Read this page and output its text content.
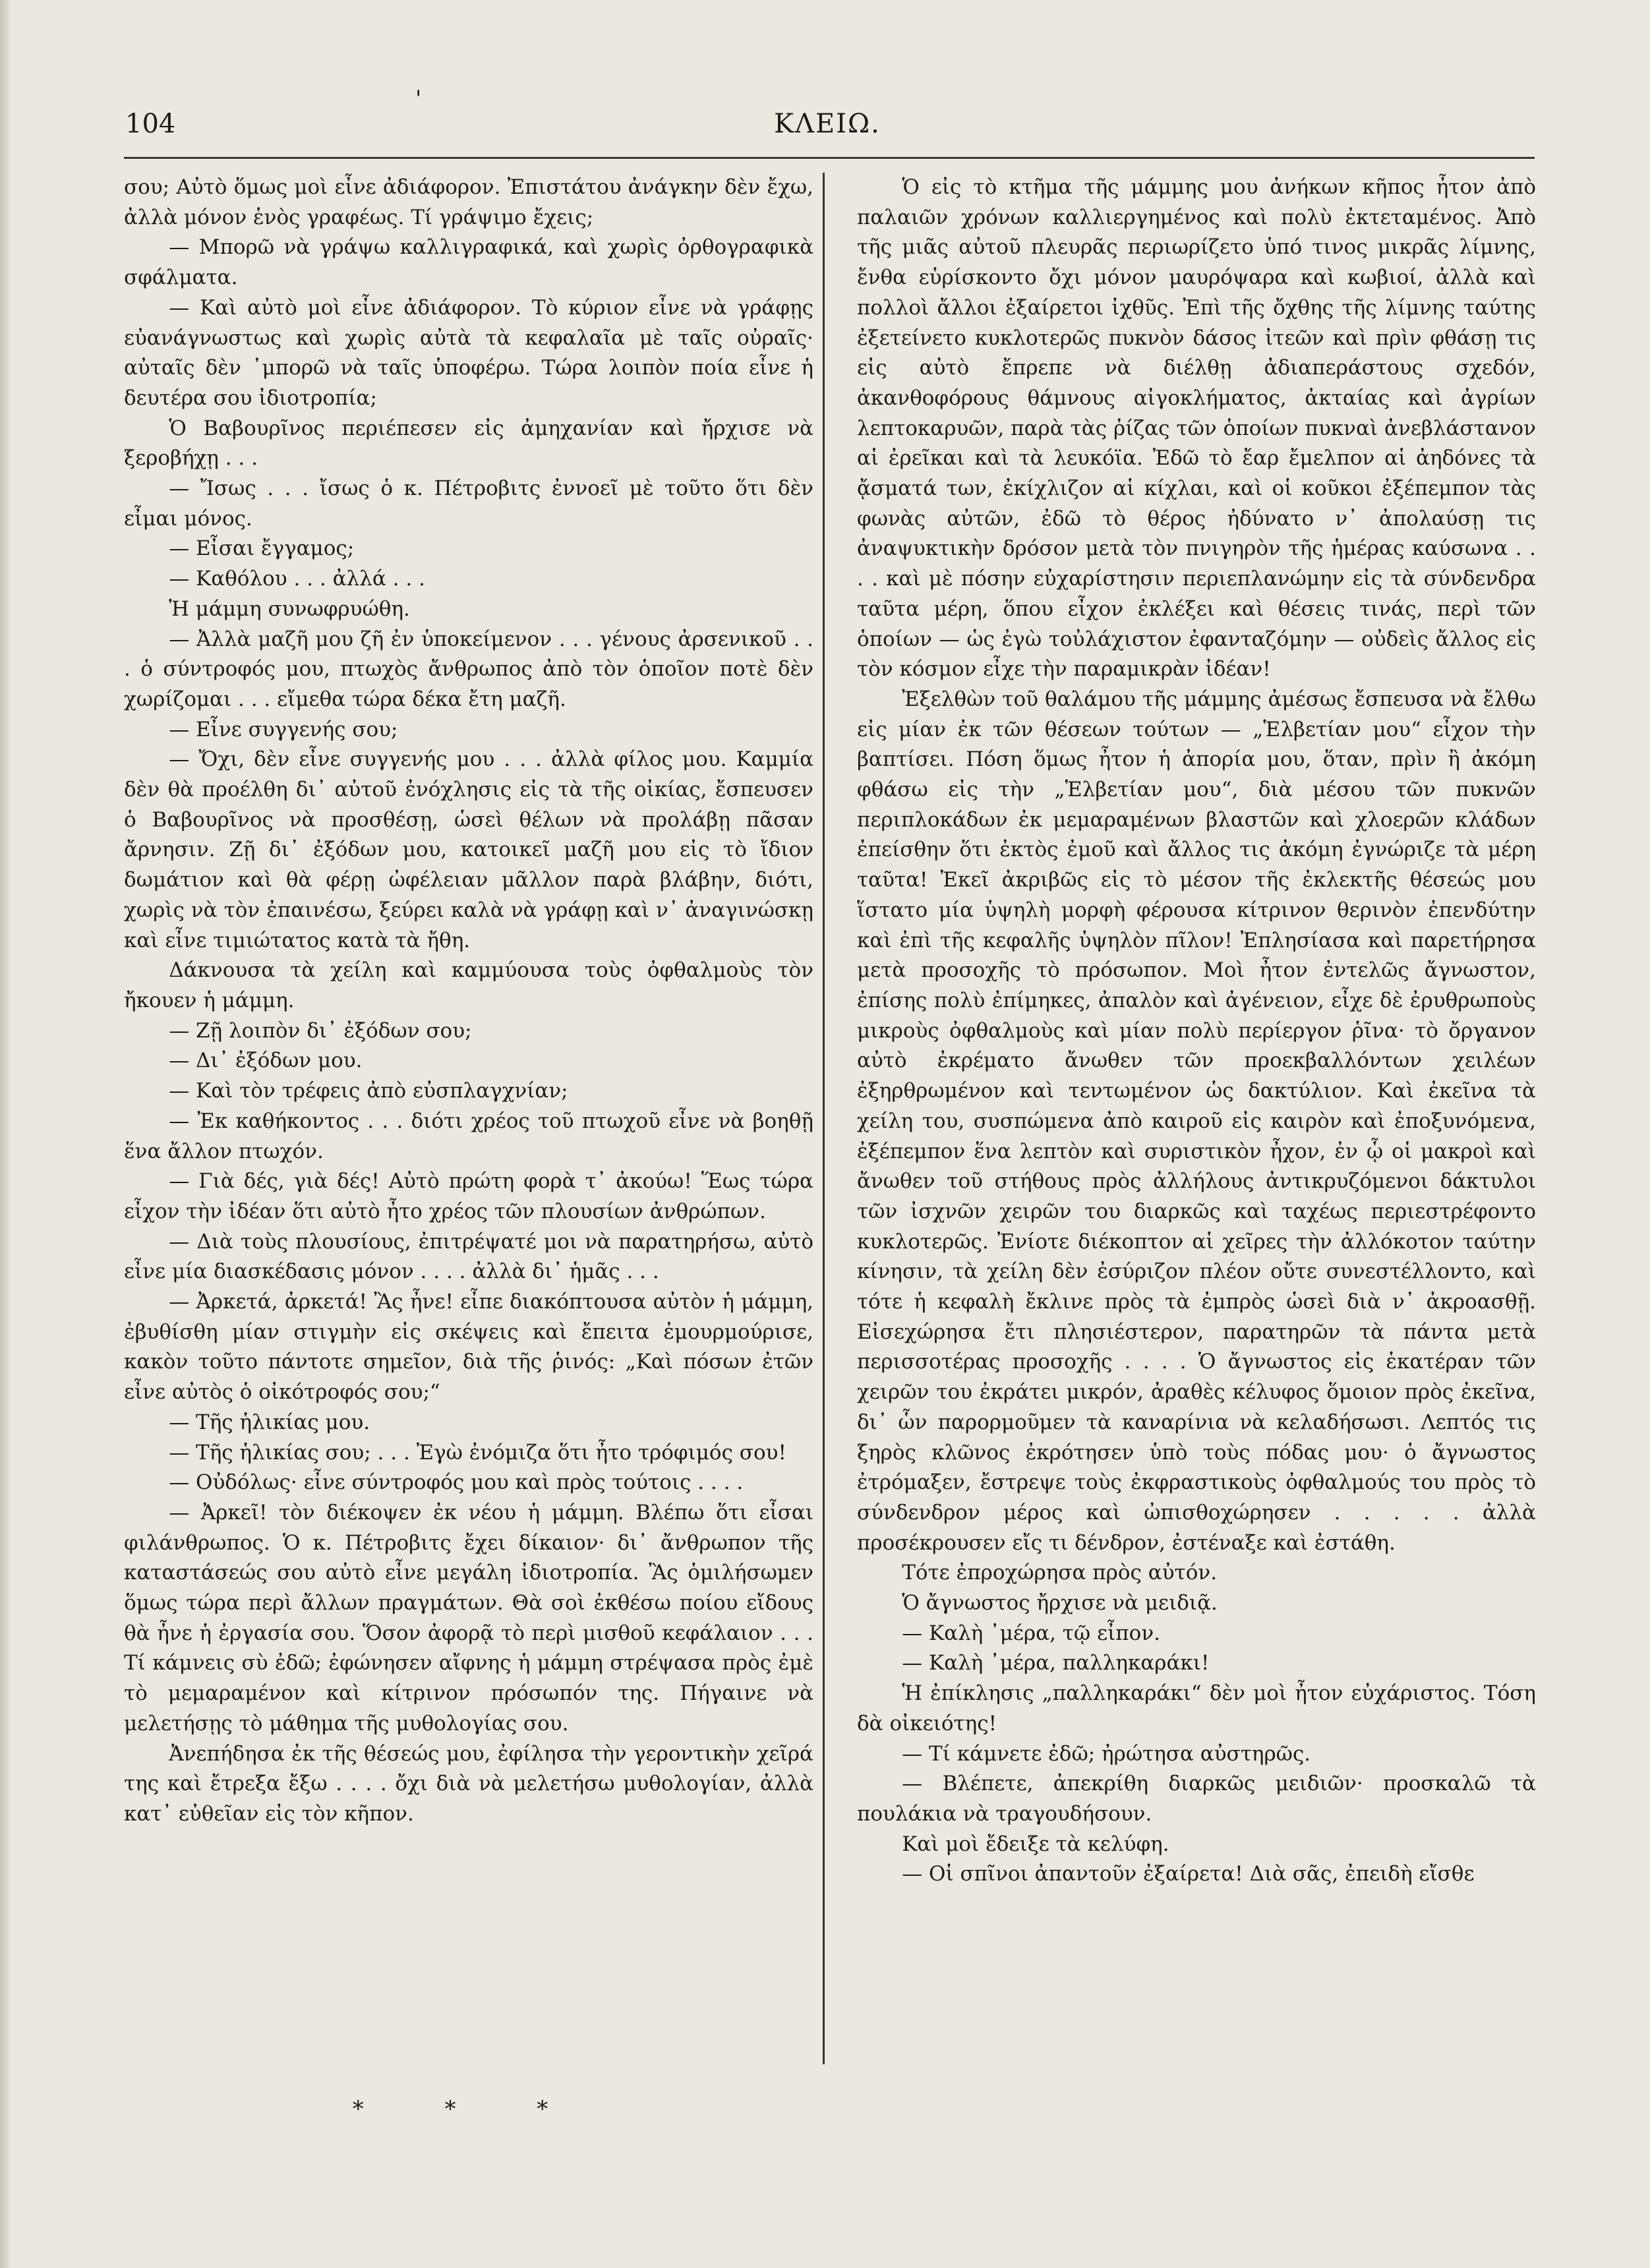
104
'
ΚΛΕΙΩ.

σου; Αὐτὸ ὅμως μοὶ εἶνε ἀδιάφορον. Ἐπιστάτου ἀνάγκην δὲν ἔχω, ἀλλὰ μόνον ἑνὸς γραφέως. Τί γράψιμο ἔχεις;

— Μπορῶ νὰ γράψω καλλιγραφικά, καὶ χωρὶς ὀρθογραφικὰ σφάλματα.

— Καὶ αὐτὸ μοὶ εἶνε ἀδιάφορον. Τὸ κύριον εἶνε νὰ γράφῃς εὐανάγνωστως καὶ χωρὶς αὐτὰ τὰ κεφαλαῖα μὲ ταῖς οὐραῖς· αὐταῖς δὲν ᾽μπορῶ νὰ ταῖς ὑποφέρω. Τώρα λοιπὸν ποία εἶνε ἡ δευτέρα σου ἰδιοτροπία;

Ὁ Βαβουρῖνος περιέπεσεν εἰς ἀμηχανίαν καὶ ἤρχισε νὰ ξεροβήχῃ . . .

— Ἴσως . . . ἴσως ὁ κ. Πέτροβιτς ἐννοεῖ μὲ τοῦτο ὅτι δὲν εἶμαι μόνος.

— Εἶσαι ἔγγαμος;

— Καθόλου . . . ἀλλά . . .

Ἡ μάμμη συνωφρυώθη.

— Ἀλλὰ μαζῆ μου ζῆ ἐν ὑποκείμενον . . . γένους ἀρσενικοῦ . . . ὁ σύντροφός μου, πτωχὸς ἄνθρωπος ἀπὸ τὸν ὁποῖον ποτὲ δὲν χωρίζομαι . . . εἴμεθα τώρα δέκα ἔτη μαζῆ.

— Εἶνε συγγενής σου;

— Ὄχι, δὲν εἶνε συγγενής μου . . . ἀλλὰ φίλος μου. Καμμία δὲν θὰ προέλθη δι᾽ αὐτοῦ ἐνόχλησις εἰς τὰ τῆς οἰκίας, ἔσπευσεν ὁ Βαβουρῖνος νὰ προσθέσῃ, ὡσεὶ θέλων νὰ προλάβῃ πᾶσαν ἄρνησιν. Ζῇ δι᾽ ἐξόδων μου, κατοικεῖ μαζῆ μου εἰς τὸ ἴδιον δωμάτιον καὶ θὰ φέρῃ ὠφέλειαν μᾶλλον παρὰ βλάβην, διότι, χωρὶς νὰ τὸν ἐπαινέσω, ξεύρει καλὰ νὰ γράφῃ καὶ ν᾽ ἀναγινώσκῃ καὶ εἶνε τιμιώτατος κατὰ τὰ ἤθη.

Δάκνουσα τὰ χείλη καὶ καμμύουσα τοὺς ὀφθαλμοὺς τὸν ἤκουεν ἡ μάμμη.

— Ζῇ λοιπὸν δι᾽ ἐξόδων σου;

— Δι᾽ ἐξόδων μου.

— Καὶ τὸν τρέφεις ἀπὸ εὐσπλαγχνίαν;

— Ἐκ καθήκοντος . . . διότι χρέος τοῦ πτωχοῦ εἶνε νὰ βοηθῇ ἕνα ἄλλον πτωχόν.

— Γιὰ δές, γιὰ δές! Αὐτὸ πρώτη φορὰ τ᾽ ἀκούω! Ἕως τώρα εἶχον τὴν ἰδέαν ὅτι αὐτὸ ἦτο χρέος τῶν πλουσίων ἀνθρώπων.

— Διὰ τοὺς πλουσίους, ἐπιτρέψατέ μοι νὰ παρατηρήσω, αὐτὸ εἶνε μία διασκέδασις μόνον . . . . ἀλλὰ δι᾽ ἡμᾶς . . .

— Ἀρκετά, ἀρκετά! Ἂς ἦνε! εἶπε διακόπτουσα αὐτὸν ἡ μάμμη, ἐβυθίσθη μίαν στιγμὴν εἰς σκέψεις καὶ ἔπειτα ἐμουρμούρισε, κακὸν τοῦτο πάντοτε σημεῖον, διὰ τῆς ῥινός: „Καὶ πόσων ἐτῶν εἶνε αὐτὸς ὁ οἰκότροφός σου;“

— Τῆς ἡλικίας μου.

— Τῆς ἡλικίας σου; . . . Ἐγὼ ἐνόμιζα ὅτι ἦτο τρόφιμός σου!

— Οὐδόλως· εἶνε σύντροφός μου καὶ πρὸς τούτοις . . . .

— Ἀρκεῖ! τὸν διέκοψεν ἐκ νέου ἡ μάμμη. Βλέπω ὅτι εἶσαι φιλάνθρωπος. Ὁ κ. Πέτροβιτς ἔχει δίκαιον· δι᾽ ἄνθρωπον τῆς καταστάσεώς σου αὐτὸ εἶνε μεγάλη ἰδιοτροπία. Ἂς ὁμιλήσωμεν ὅμως τώρα περὶ ἄλλων πραγμάτων. Θὰ σοὶ ἐκθέσω ποίου εἴδους θὰ ἦνε ἡ ἐργασία σου. Ὅσον ἀφορᾷ τὸ περὶ μισθοῦ κεφάλαιον . . . Τί κάμνεις σὺ ἐδῶ; ἐφώνησεν αἴφνης ἡ μάμμη στρέψασα πρὸς ἐμὲ τὸ μεμαραμένον καὶ κίτρινον πρόσωπόν της. Πήγαινε νὰ μελετήσῃς τὸ μάθημα τῆς μυθολογίας σου.

Ἀνεπήδησα ἐκ τῆς θέσεώς μου, ἐφίλησα τὴν γεροντικὴν χεῖρά της καὶ ἔτρεξα ἔξω . . . . ὄχι διὰ νὰ μελετήσω μυθολογίαν, ἀλλὰ κατ᾽ εὐθεῖαν εἰς τὸν κῆπον.

* * *

Ὁ εἰς τὸ κτῆμα τῆς μάμμης μου ἀνήκων κῆπος ἦτον ἀπὸ παλαιῶν χρόνων καλλιεργημένος καὶ πολὺ ἐκτεταμένος. Ἀπὸ τῆς μιᾶς αὐτοῦ πλευρᾶς περιωρίζετο ὑπό τινος μικρᾶς λίμνης, ἔνθα εὑρίσκοντο ὄχι μόνον μαυρόψαρα καὶ κωβιοί, ἀλλὰ καὶ πολλοὶ ἄλλοι ἐξαίρετοι ἰχθῦς. Ἐπὶ τῆς ὄχθης τῆς λίμνης ταύτης ἐξετείνετο κυκλοτερῶς πυκνὸν δάσος ἰτεῶν καὶ πρὶν φθάσῃ τις εἰς αὐτὸ ἔπρεπε νὰ διέλθῃ ἀδιαπεράστους σχεδόν, ἀκανθοφόρους θάμνους αἰγοκλήματος, ἀκταίας καὶ ἀγρίων λεπτοκαρυῶν, παρὰ τὰς ῥίζας τῶν ὁποίων πυκναὶ ἀνεβλάστανον αἱ ἐρεῖκαι καὶ τὰ λευκόϊα. Ἐδῶ τὸ ἔαρ ἔμελπον αἱ ἀηδόνες τὰ ᾄσματά των, ἐκίχλιζον αἱ κίχλαι, καὶ οἱ κοῦκοι ἐξέπεμπον τὰς φωνὰς αὐτῶν, ἐδῶ τὸ θέρος ἠδύνατο ν᾽ ἀπολαύσῃ τις ἀναψυκτικὴν δρόσον μετὰ τὸν πνιγηρὸν τῆς ἡμέρας καύσωνα . . . . καὶ μὲ πόσην εὐχαρίστησιν περιεπλανώμην εἰς τὰ σύνδενδρα ταῦτα μέρη, ὅπου εἶχον ἐκλέξει καὶ θέσεις τινάς, περὶ τῶν ὁποίων — ὡς ἐγὼ τοὐλάχιστον ἐφανταζόμην — οὐδεὶς ἄλλος εἰς τὸν κόσμον εἶχε τὴν παραμικρὰν ἰδέαν!

Ἐξελθὼν τοῦ θαλάμου τῆς μάμμης ἀμέσως ἔσπευσα νὰ ἔλθω εἰς μίαν ἐκ τῶν θέσεων τούτων — „Ἑλβετίαν μου“ εἶχον τὴν βαπτίσει. Πόση ὅμως ἦτον ἡ ἀπορία μου, ὅταν, πρὶν ἢ ἀκόμη φθάσω εἰς τὴν „Ἑλβετίαν μου“, διὰ μέσου τῶν πυκνῶν περιπλοκάδων ἐκ μεμαραμένων βλαστῶν καὶ χλοερῶν κλάδων ἐπείσθην ὅτι ἐκτὸς ἐμοῦ καὶ ἄλλος τις ἀκόμη ἐγνώριζε τὰ μέρη ταῦτα! Ἐκεῖ ἀκριβῶς εἰς τὸ μέσον τῆς ἐκλεκτῆς θέσεώς μου ἵστατο μία ὑψηλὴ μορφὴ φέρουσα κίτρινον θερινὸν ἐπενδύτην καὶ ἐπὶ τῆς κεφαλῆς ὑψηλὸν πῖλον! Ἐπλησίασα καὶ παρετήρησα μετὰ προσοχῆς τὸ πρόσωπον. Μοὶ ἦτον ἐντελῶς ἄγνωστον, ἐπίσης πολὺ ἐπίμηκες, ἀπαλὸν καὶ ἀγένειον, εἶχε δὲ ἐρυθρωποὺς μικροὺς ὀφθαλμοὺς καὶ μίαν πολὺ περίεργον ῥῖνα· τὸ ὄργανον αὐτὸ ἐκρέματο ἄνωθεν τῶν προεκβαλλόντων χειλέων ἐξηρθρωμένον καὶ τεντωμένον ὡς δακτύλιον. Καὶ ἐκεῖνα τὰ χείλη του, συσπώμενα ἀπὸ καιροῦ εἰς καιρὸν καὶ ἐποξυνόμενα, ἐξέπεμπον ἕνα λεπτὸν καὶ συριστικὸν ἦχον, ἐν ᾧ οἱ μακροὶ καὶ ἄνωθεν τοῦ στήθους πρὸς ἀλλήλους ἀντικρυζόμενοι δάκτυλοι τῶν ἰσχνῶν χειρῶν του διαρκῶς καὶ ταχέως περιεστρέφοντο κυκλοτερῶς. Ἐνίοτε διέκοπτον αἱ χεῖρες τὴν ἀλλόκοτον ταύτην κίνησιν, τὰ χείλη δὲν ἐσύριζον πλέον οὔτε συνεστέλλοντο, καὶ τότε ἡ κεφαλὴ ἔκλινε πρὸς τὰ ἐμπρὸς ὡσεὶ διὰ ν᾽ ἀκροασθῇ. Εἰσεχώρησα ἔτι πλησιέστερον, παρατηρῶν τὰ πάντα μετὰ περισσοτέρας προσοχῆς . . . . Ὁ ἄγνωστος εἰς ἑκατέραν τῶν χειρῶν του ἐκράτει μικρόν, ἀραθὲς κέλυφος ὅμοιον πρὸς ἐκεῖνα, δι᾽ ὧν παρορμοῦμεν τὰ καναρίνια νὰ κελαδήσωσι. Λεπτός τις ξηρὸς κλῶνος ἐκρότησεν ὑπὸ τοὺς πόδας μου· ὁ ἄγνωστος ἐτρόμαξεν, ἔστρεψε τοὺς ἐκφραστικοὺς ὀφθαλμούς του πρὸς τὸ σύνδενδρον μέρος καὶ ὠπισθοχώρησεν . . . . . ἀλλὰ προσέκρουσεν εἴς τι δένδρον, ἐστέναξε καὶ ἐστάθη.

Τότε ἐπροχώρησα πρὸς αὐτόν.

Ὁ ἄγνωστος ἤρχισε νὰ μειδιᾷ.

— Καλὴ ᾽μέρα, τῷ εἶπον.

— Καλὴ ᾽μέρα, παλληκαράκι!

Ἡ ἐπίκλησις „παλληκαράκι“ δὲν μοὶ ἦτον εὐχάριστος. Τόση δὰ οἰκειότης!

— Τί κάμνετε ἐδῶ; ἠρώτησα αὐστηρῶς.

— Βλέπετε, ἀπεκρίθη διαρκῶς μειδιῶν· προσκαλῶ τὰ πουλάκια νὰ τραγουδήσουν.

Καὶ μοὶ ἔδειξε τὰ κελύφη.

— Οἱ σπῖνοι ἀπαντοῦν ἐξαίρετα! Διὰ σᾶς, ἐπειδὴ εἴσθε
